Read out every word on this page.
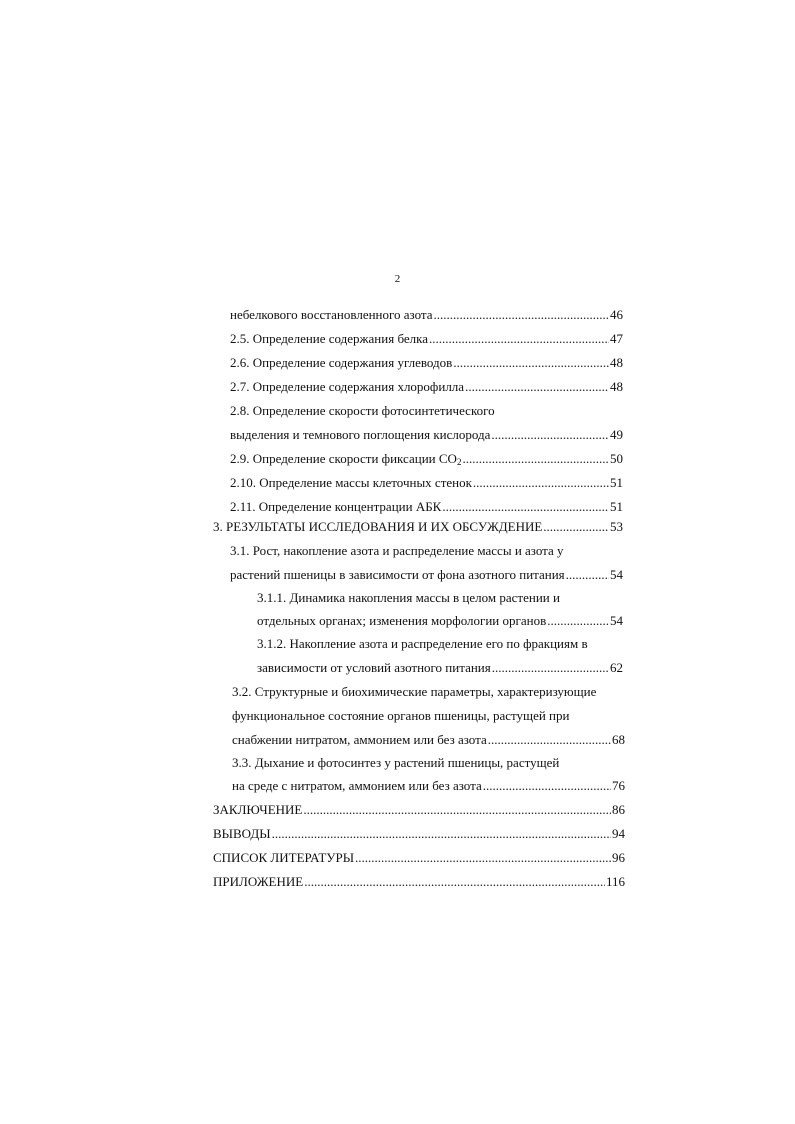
2
небелкового восстановленного азота .....	46
2.5. Определение содержания белка .....	47
2.6. Определение содержания углеводов .....	48
2.7. Определение содержания хлорофилла .....	48
2.8. Определение скорости фотосинтетического
выделения и темнового поглощения кислорода .....	49
2.9. Определение скорости фиксации $СО_2$ .....	50
2.10. Определение массы клеточных стенок .....	51
2.11. Определение концентрации АБК .....	51
3. РЕЗУЛЬТАТЫ ИССЛЕДОВАНИЯ И ИХ ОБСУЖДЕНИЕ .....	53
3.1. Рост, накопление азота и распределение массы и азота у
растений пшеницы в зависимости от фона азотного питания .....	54
3.1.1. Динамика накопления массы в целом растении и
отдельных органах; изменения морфологии органов .....	54
3.1.2. Накопление азота и распределение его по фракциям в
зависимости от условий азотного питания .....	62
3.2. Структурные и биохимические параметры, характеризующие
функциональное состояние органов пшеницы, растущей при
снабжении нитратом, аммонием или без азота .....	68
3.3. Дыхание и фотосинтез у растений пшеницы, растущей
на среде с нитратом, аммонием или без азота .....	76
ЗАКЛЮЧЕНИЕ .....	86
ВЫВОДЫ .....	94
СПИСОК ЛИТЕРАТУРЫ .....	96
ПРИЛОЖЕНИЕ .....	116
